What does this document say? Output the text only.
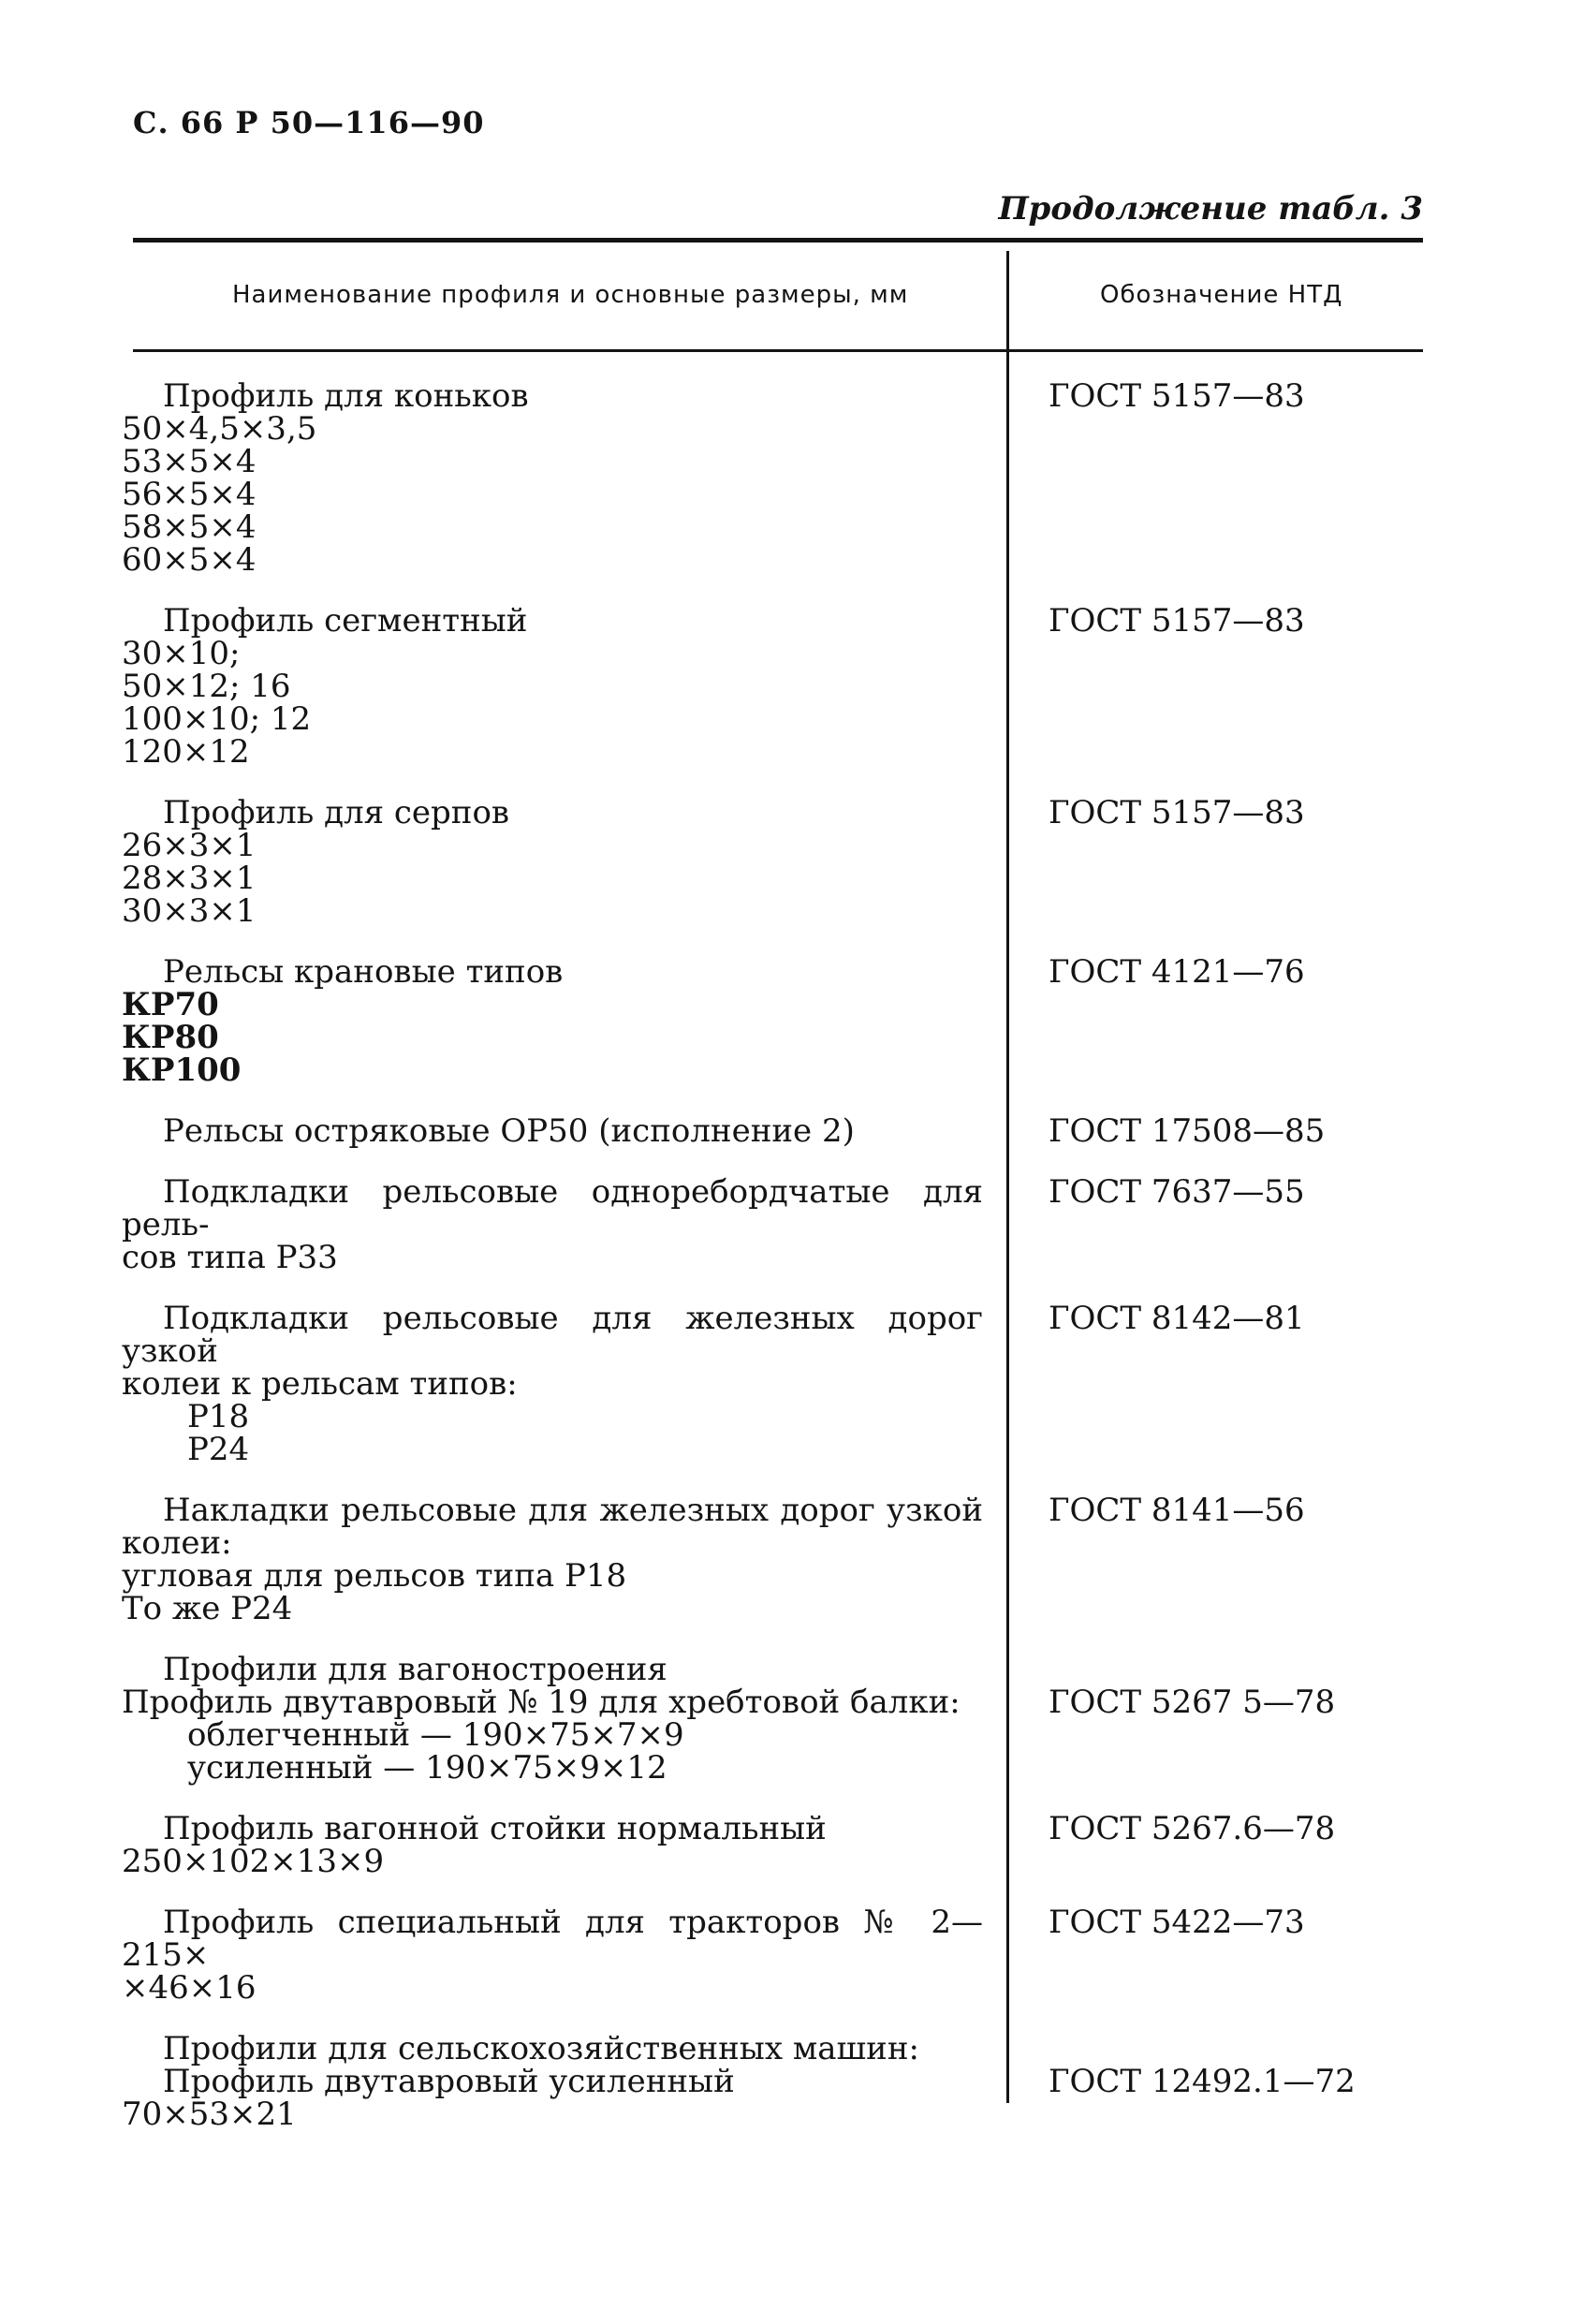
С. 66 Р 50—116—90
Продолжение табл. 3
Наименование профиля и основные размеры, мм	Обозначение НТД
Профиль для коньков
50×4,5×3,5
53×5×4
56×5×4
58×5×4
60×5×4
ГОСТ 5157—83
Профиль сегментный
30×10;
50×12; 16
100×10; 12
120×12
ГОСТ 5157—83
Профиль для серпов
26×3×1
28×3×1
30×3×1
ГОСТ 5157—83
Рельсы крановые типов
КР70
КР80
КР100
ГОСТ 4121—76
Рельсы остряковые ОР50 (исполнение 2)	ГОСТ 17508—85
Подкладки рельсовые одноребордчатые для рель-
сов типа Р33
ГОСТ 7637—55
Подкладки рельсовые для железных дорог узкой
колеи к рельсам типов:
Р18
Р24
ГОСТ 8142—81
Накладки рельсовые для железных дорог узкой
колеи:
угловая для рельсов типа Р18
То же Р24
ГОСТ 8141—56
Профили для вагоностроения
Профиль двутавровый № 19 для хребтовой балки:
облегченный — 190×75×7×9
усиленный — 190×75×9×12
ГОСТ 5267 5—78
Профиль вагонной стойки нормальный
250×102×13×9
ГОСТ 5267.6—78
Профиль специальный для тракторов № 2—215×
×46×16
ГОСТ 5422—73
Профили для сельскохозяйственных машин:
Профиль двутавровый усиленный
70×53×21
ГОСТ 12492.1—72
